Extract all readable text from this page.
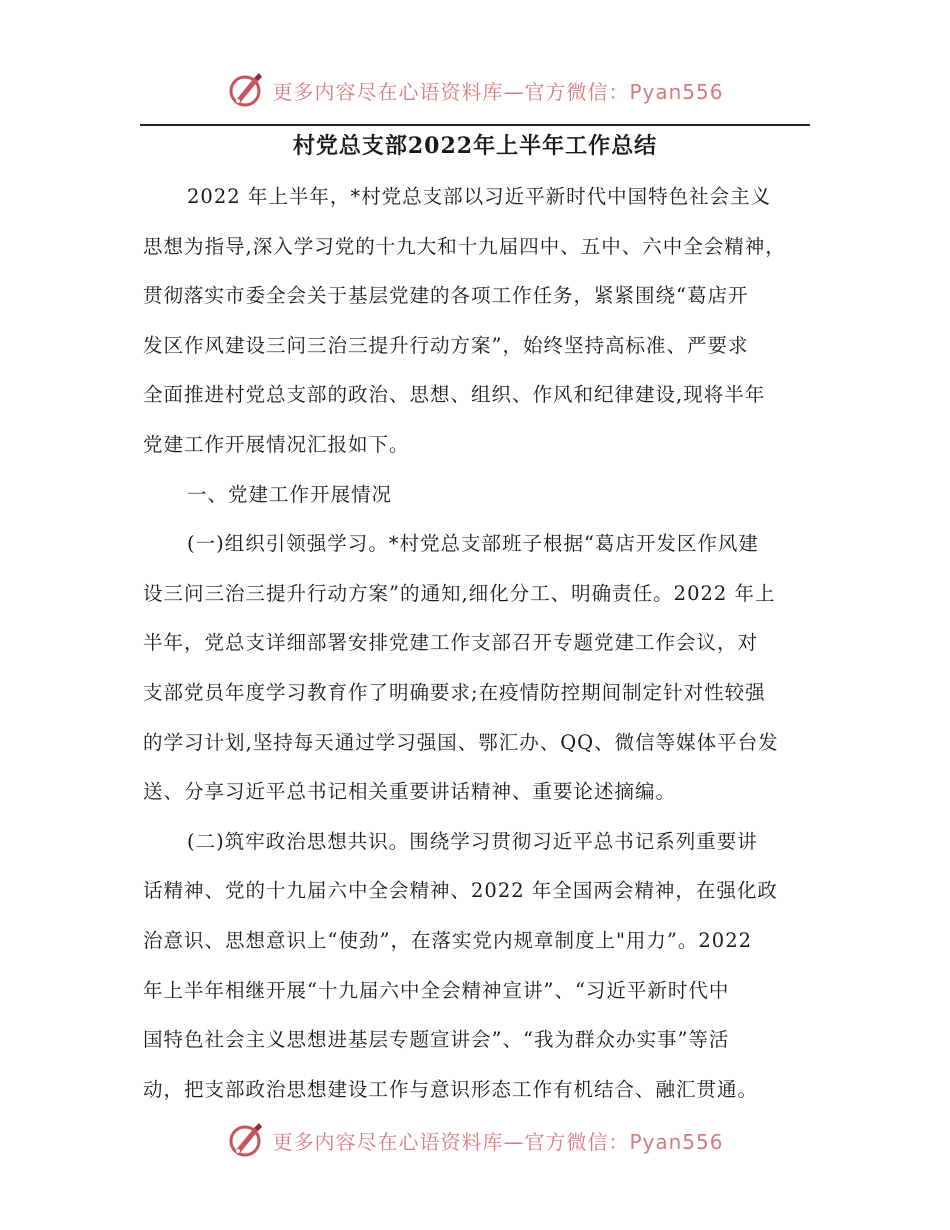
更多内容尽在心语资料库—官方微信：Pyan556
村党总支部2022年上半年工作总结
2022 年上半年，*村党总支部以习近平新时代中国特色社会主义
思想为指导,深入学习党的十九大和十九届四中、五中、六中全会精神，
贯彻落实市委全会关于基层党建的各项工作任务，紧紧围绕“葛店开
发区作风建设三问三治三提升行动方案”，始终坚持高标准、严要求
全面推进村党总支部的政治、思想、组织、作风和纪律建设,现将半年
党建工作开展情况汇报如下。
一、党建工作开展情况
(一)组织引领强学习。*村党总支部班子根据“葛店开发区作风建
设三问三治三提升行动方案”的通知,细化分工、明确责任。2022 年上
半年，党总支详细部署安排党建工作支部召开专题党建工作会议，对
支部党员年度学习教育作了明确要求;在疫情防控期间制定针对性较强
的学习计划,坚持每天通过学习强国、鄂汇办、QQ、微信等媒体平台发
送、分享习近平总书记相关重要讲话精神、重要论述摘编。
(二)筑牢政治思想共识。围绕学习贯彻习近平总书记系列重要讲
话精神、党的十九届六中全会精神、2022 年全国两会精神，在强化政
治意识、思想意识上“使劲”，在落实党内规章制度上"用力”。2022
年上半年相继开展“十九届六中全会精神宣讲”、“习近平新时代中
国特色社会主义思想进基层专题宣讲会”、“我为群众办实事”等活
动，把支部政治思想建设工作与意识形态工作有机结合、融汇贯通。
更多内容尽在心语资料库—官方微信：Pyan556
